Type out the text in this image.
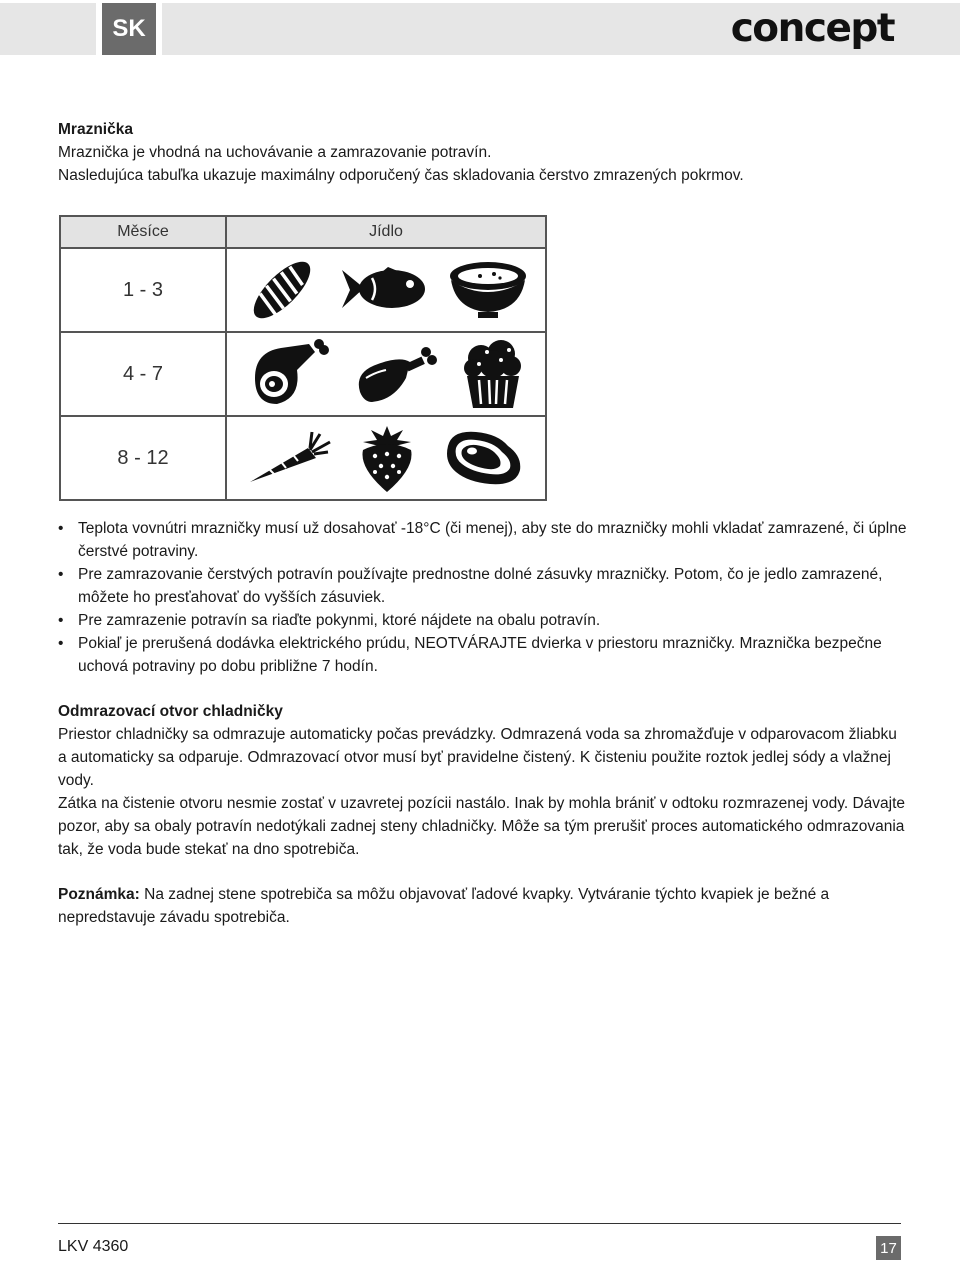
SK	concept

Mraznička

Mraznička je vhodná na uchovávanie a zamrazovanie potravín.

Nasledujúca tabuľka ukazuje maximálny odporučený čas skladovania čerstvo zmrazených pokrmov.

Měsíce	Jídlo
1 - 3	

4 - 7	

8 - 12	
• Teplota vovnútri mrazničky musí už dosahovať -18°C (či menej), aby ste do mrazničky mohli vkladať zamrazené, či úplne čerstvé potraviny.
• Pre zamrazovanie čerstvých potravín používajte prednostne dolné zásuvky mrazničky. Potom, čo je jedlo zamrazené, môžete ho presťahovať do vyšších zásuviek.
• Pre zamrazenie potravín sa riaďte pokynmi, ktoré nájdete na obalu potravín.
• Pokiaľ je prerušená dodávka elektrického prúdu, NEOTVÁRAJTE dvierka v priestoru mrazničky. Mraznička bezpečne uchová potraviny po dobu približne 7 hodín.

Odmrazovací otvor chladničky

Priestor chladničky sa odmrazuje automaticky počas prevádzky. Odmrazená voda sa zhromažďuje v odparovacom žliabku a automaticky sa odparuje. Odmrazovací otvor musí byť pravidelne čistený. K čisteniu použite roztok jedlej sódy a vlažnej vody.

Zátka na čistenie otvoru nesmie zostať v uzavretej pozícii nastálo. Inak by mohla brániť v odtoku rozmrazenej vody. Dávajte pozor, aby sa obaly potravín nedotýkali zadnej steny chladničky. Môže sa tým prerušiť proces automatického odmrazovania tak, že voda bude stekať na dno spotrebiča.

Poznámka: Na zadnej stene spotrebiča sa môžu objavovať ľadové kvapky. Vytváranie týchto kvapiek je bežné a nepredstavuje závadu spotrebiča.

LKV 4360	17
